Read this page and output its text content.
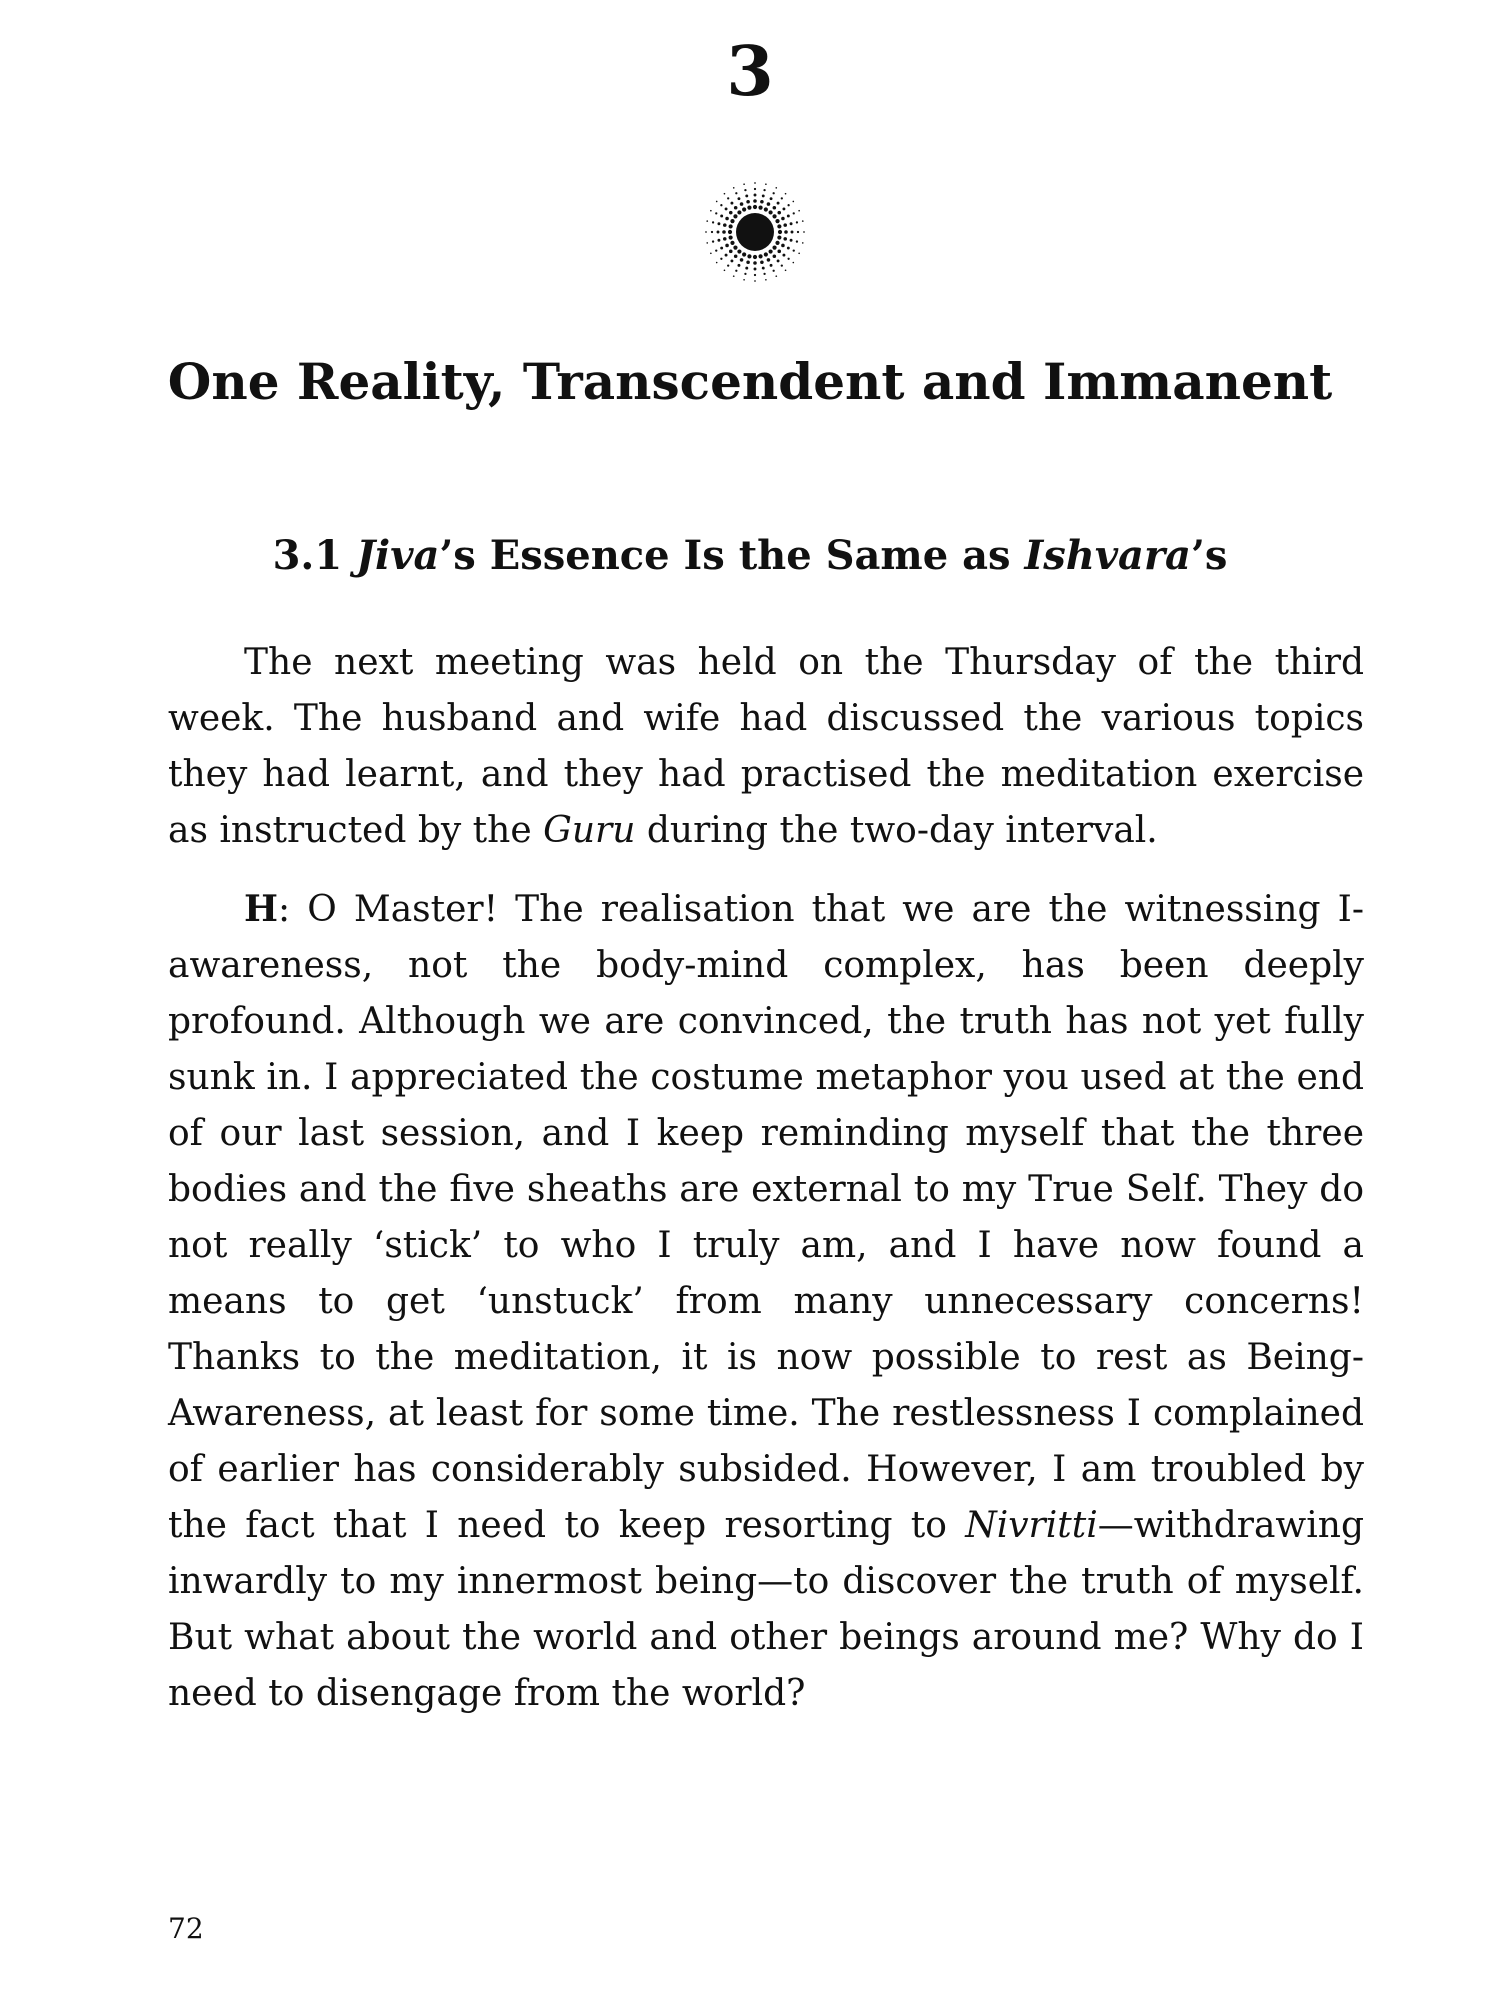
3
One Reality, Transcendent and Immanent
3.1 Jiva’s Essence Is the Same as Ishvara’s

The next meeting was held on the Thursday of the third week. The husband and wife had discussed the various topics they had learnt, and they had practised the meditation exercise as instructed by the Guru during the two-day interval.

H: O Master! The realisation that we are the witnessing I-awareness, not the body-mind complex, has been deeply profound. Although we are convinced, the truth has not yet fully sunk in. I appreciated the costume metaphor you used at the end of our last session, and I keep reminding myself that the three bodies and the five sheaths are external to my True Self. They do not really ‘stick’ to who I truly am, and I have now found a means to get ‘unstuck’ from many unnecessary concerns! Thanks to the meditation, it is now possible to rest as Being-Awareness, at least for some time. The restlessness I complained of earlier has considerably subsided. However, I am troubled by the fact that I need to keep resorting to Nivritti—withdrawing inwardly to my innermost being—to discover the truth of myself. But what about the world and other beings around me? Why do I need to disengage from the world?

72
